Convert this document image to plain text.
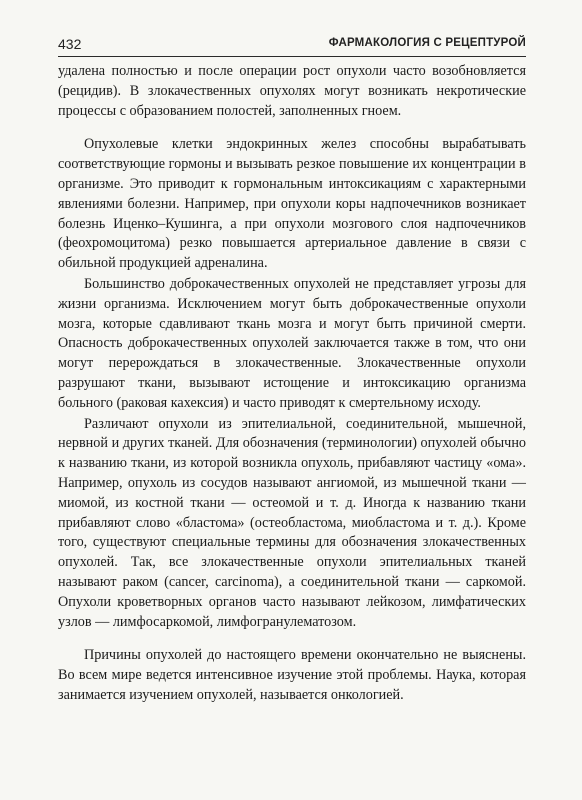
432	ФАРМАКОЛОГИЯ С РЕЦЕПТУРОЙ

удалена полностью и после операции рост опухоли часто возобновляется (рецидив). В злокачественных опухолях могут возникать некротические процессы с образованием полостей, заполненных гноем.

Опухолевые клетки эндокринных желез способны вырабатывать соответствующие гормоны и вызывать резкое повышение их концентрации в организме. Это приводит к гормональным интоксикациям с характерными явлениями болезни. Например, при опухоли коры надпочечников возникает болезнь Иценко–Кушинга, а при опухоли мозгового слоя надпочечников (феохромоцитома) резко повышается артериальное давление в связи с обильной продукцией адреналина.

Большинство доброкачественных опухолей не представляет угрозы для жизни организма. Исключением могут быть доброкачественные опухоли мозга, которые сдавливают ткань мозга и могут быть причиной смерти. Опасность доброкачественных опухолей заключается также в том, что они могут перерождаться в злокачественные. Злокачественные опухоли разрушают ткани, вызывают истощение и интоксикацию организма больного (раковая кахексия) и часто приводят к смертельному исходу.

Различают опухоли из эпителиальной, соединительной, мышечной, нервной и других тканей. Для обозначения (терминологии) опухолей обычно к названию ткани, из которой возникла опухоль, прибавляют частицу «ома». Например, опухоль из сосудов называют ангиомой, из мышечной ткани — миомой, из костной ткани — остеомой и т. д. Иногда к названию ткани прибавляют слово «бластома» (остеобластома, миобластома и т. д.). Кроме того, существуют специальные термины для обозначения злокачественных опухолей. Так, все злокачественные опухоли эпителиальных тканей называют раком (cancer, carcinoma), а соединительной ткани — саркомой. Опухоли кроветворных органов часто называют лейкозом, лимфатических узлов — лимфосаркомой, лимфогранулематозом.

Причины опухолей до настоящего времени окончательно не выяснены. Во всем мире ведется интенсивное изучение этой проблемы. Наука, которая занимается изучением опухолей, называется онкологией.
